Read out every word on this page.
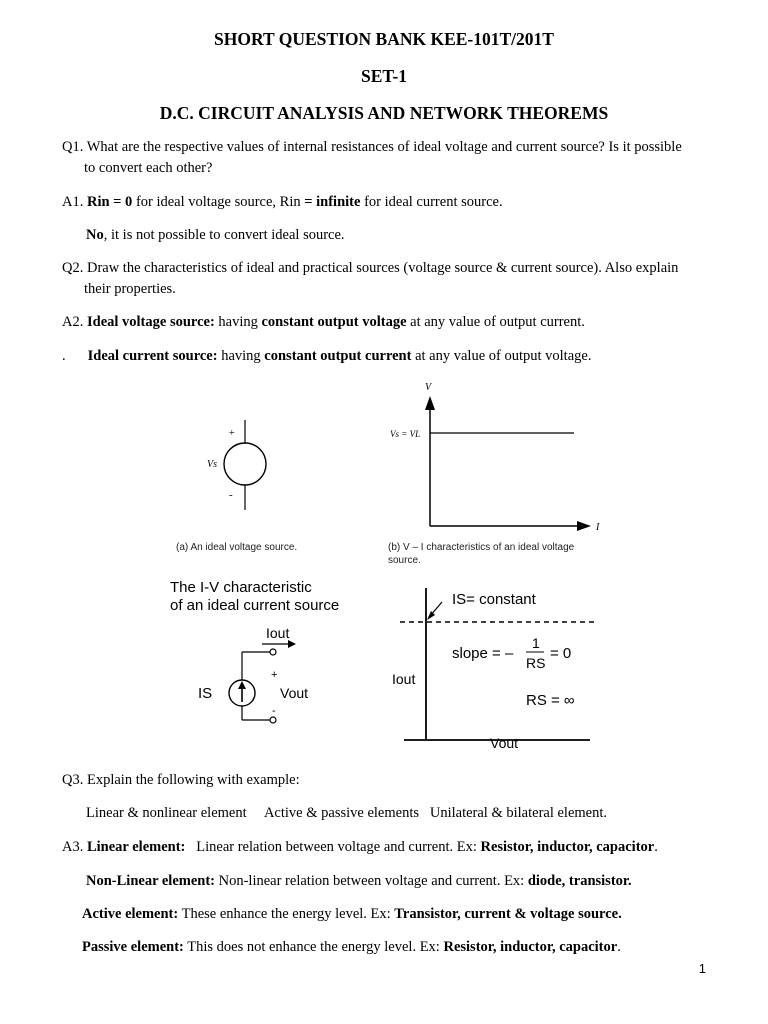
SHORT QUESTION BANK KEE-101T/201T
SET-1
D.C. CIRCUIT ANALYSIS AND NETWORK THEOREMS
Q1. What are the respective values of internal resistances of ideal voltage and current source? Is it possible
to convert each other?
A1. Rin = 0 for ideal voltage source, Rin = infinite for ideal current source.
No, it is not possible to convert ideal source.
Q2. Draw the characteristics of ideal and practical sources (voltage source & current source). Also explain
their properties.
A2. Ideal voltage source: having constant output voltage at any value of output current.
. Ideal current source: having constant output current at any value of output voltage.
+
-
Vs
(a) An ideal voltage source.
V
I
Vs = VL
(b) V – I characteristics of an ideal voltage
source.
The I-V characteristic
of an ideal current source
Iout
IS
+
Vout
-
IS= constant
slope = –
1
RS
= 0
RS = ∞
Iout
Vout
Q3. Explain the following with example:
Linear & nonlinear element     Active & passive elements   Unilateral & bilateral element.
A3. Linear element:   Linear relation between voltage and current. Ex: Resistor, inductor, capacitor.
Non-Linear element: Non-linear relation between voltage and current. Ex: diode, transistor.
Active element: These enhance the energy level. Ex: Transistor, current & voltage source.
Passive element: This does not enhance the energy level. Ex: Resistor, inductor, capacitor.
1
